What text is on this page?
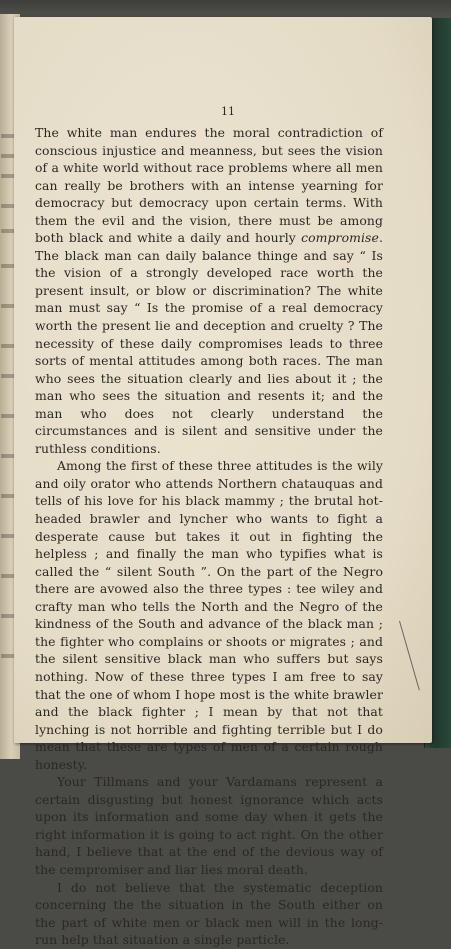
11

The white man endures the moral contradiction of conscious injustice and meanness, but sees the vision of a white world without race problems where all men can really be brothers with an intense yearning for democracy but democracy upon certain terms. With them the evil and the vision, there must be among both black and white a daily and hourly compromise. The black man can daily balance thinge and say “ Is the vision of a strongly developed race worth the present insult, or blow or discrimination? The white man must say “ Is the promise of a real democracy worth the present lie and deception and cruelty ? The necessity of these daily compromises leads to three sorts of mental attitudes among both races. The man who sees the situation clearly and lies about it ; the man who sees the situation and resents it; and the man who does not clearly understand the circumstances and is silent and sensitive under the ruthless conditions.

Among the first of these three attitudes is the wily and oily orator who attends Northern chatauquas and tells of his love for his black mammy ; the brutal hot-headed brawler and lyncher who wants to fight a desperate cause but takes it out in fighting the helpless ; and finally the man who typifies what is called the “ silent South ”. On the part of the Negro there are avowed also the three types : tee wiley and crafty man who tells the North and the Negro of the kindness of the South and advance of the black man ; the fighter who complains or shoots or migrates ; and the silent sensitive black man who suffers but says nothing. Now of these three types I am free to say that the one of whom I hope most is the white brawler and the black fighter ; I mean by that not that lynching is not horrible and fighting terrible but I do mean that these are types of men of a certain rough honesty.

Your Tillmans and your Vardamans represent a certain disgusting but honest ignorance which acts upon its information and some day when it gets the right information it is going to act right. On the other hand, I believe that at the end of the devious way of the cempromiser and liar lies moral death.

I do not believe that the systematic deception concerning the the situation in the South either on the part of white men or black men will in the long-run help that situation a single particle.
